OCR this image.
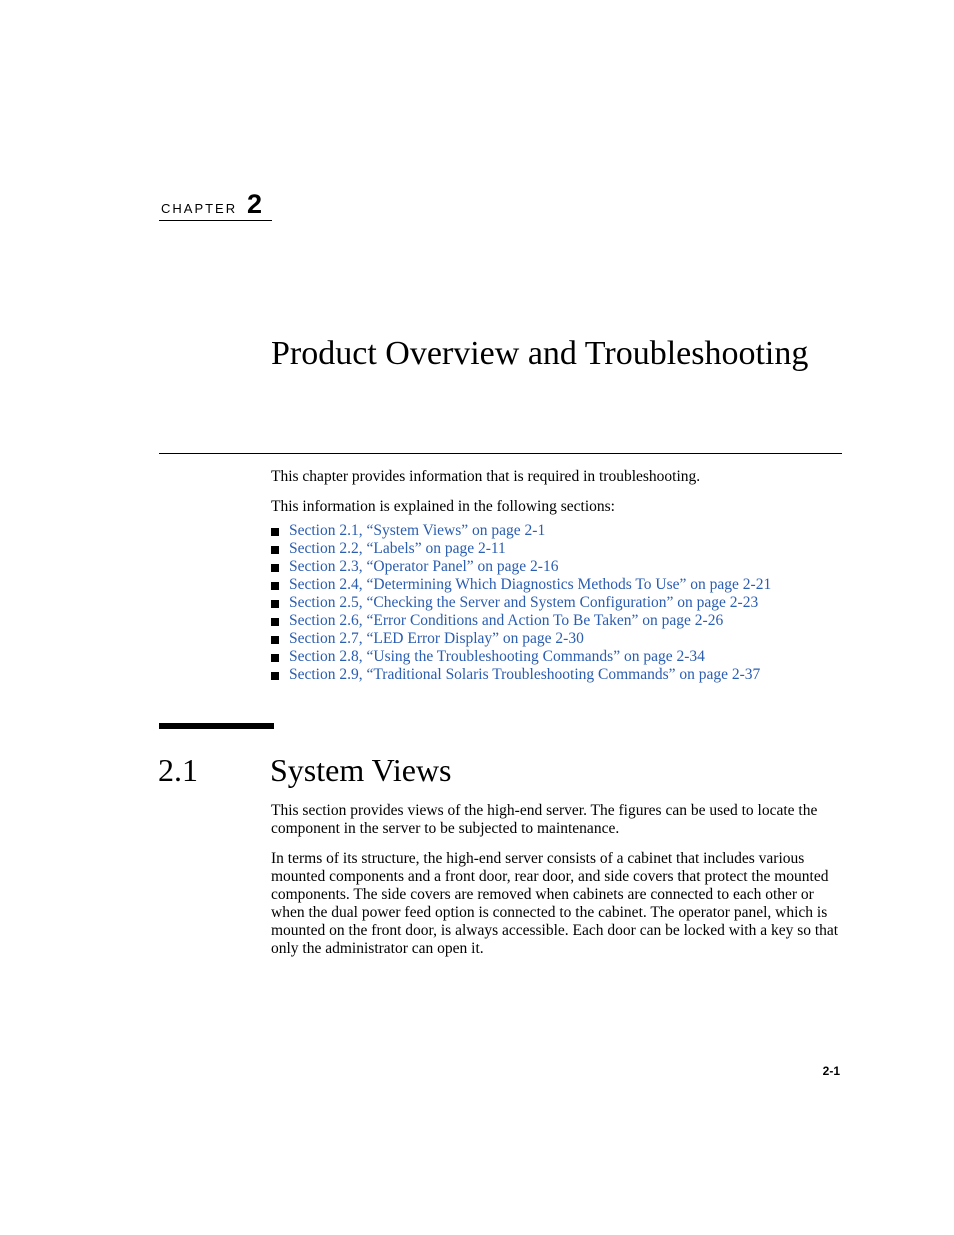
CHAPTER 2
Product Overview and Troubleshooting

This chapter provides information that is required in troubleshooting.

This information is explained in the following sections:

Section 2.1, “System Views” on page 2-1
Section 2.2, “Labels” on page 2-11
Section 2.3, “Operator Panel” on page 2-16
Section 2.4, “Determining Which Diagnostics Methods To Use” on page 2-21
Section 2.5, “Checking the Server and System Configuration” on page 2-23
Section 2.6, “Error Conditions and Action To Be Taken” on page 2-26
Section 2.7, “LED Error Display” on page 2-30
Section 2.8, “Using the Troubleshooting Commands” on page 2-34
Section 2.9, “Traditional Solaris Troubleshooting Commands” on page 2-37
2.1 System Views

This section provides views of the high-end server. The figures can be used to locate the component in the server to be subjected to maintenance.

In terms of its structure, the high-end server consists of a cabinet that includes various mounted components and a front door, rear door, and side covers that protect the mounted components. The side covers are removed when cabinets are connected to each other or when the dual power feed option is connected to the cabinet. The operator panel, which is mounted on the front door, is always accessible. Each door can be locked with a key so that only the administrator can open it.

2-1
